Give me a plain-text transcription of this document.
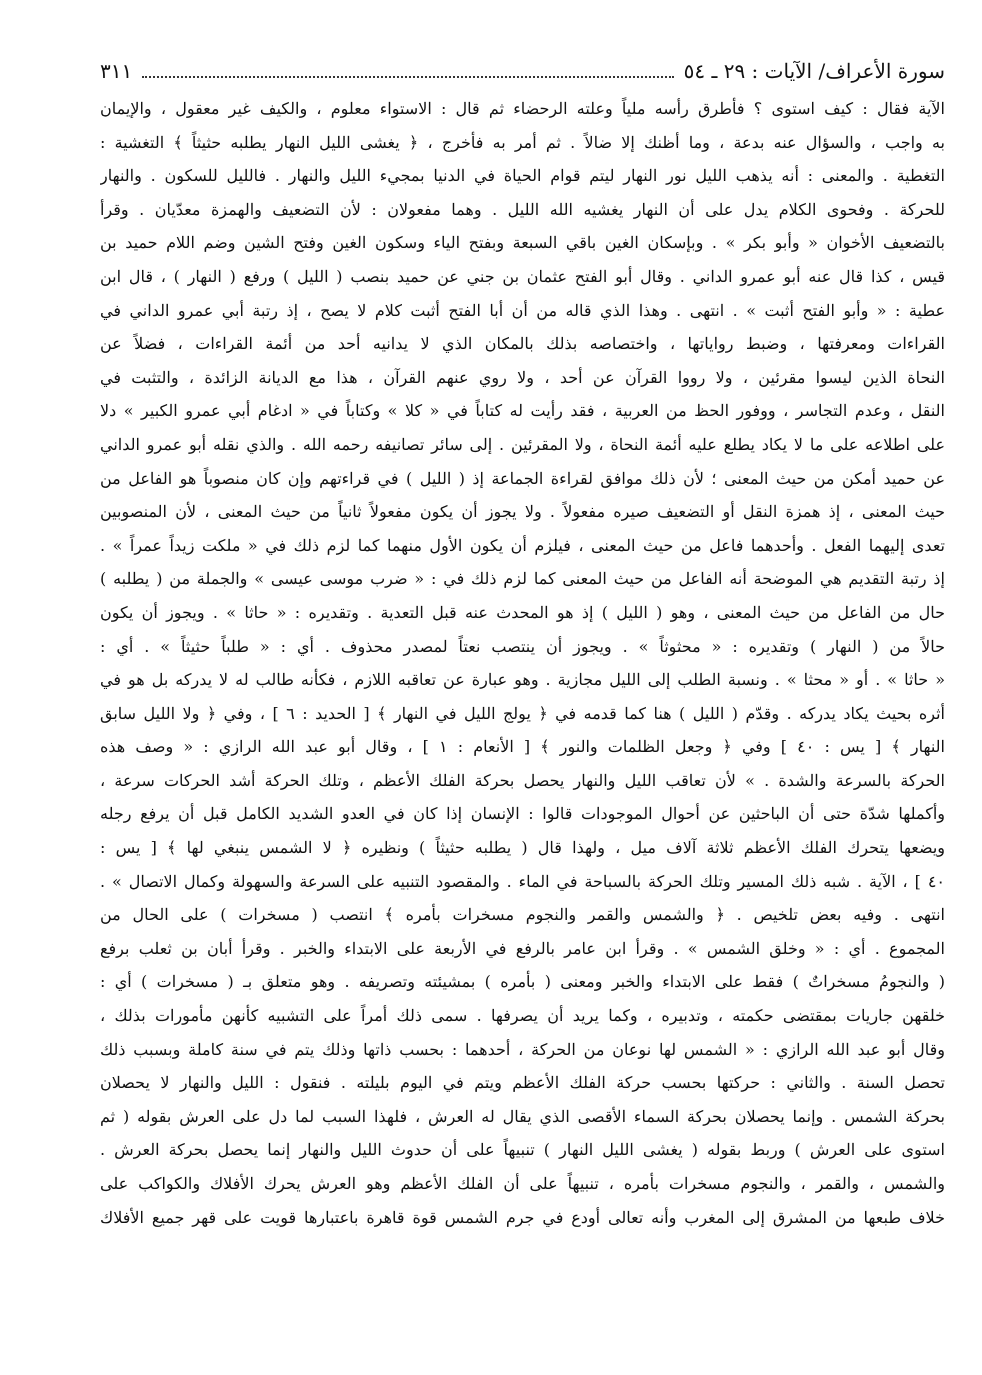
سورة الأعراف/ الآيات : ٢٩ ـ ٥٤
٣١١
الآية فقال : كيف استوى ؟ فأطرق رأسه ملياً وعلته الرحضاء ثم قال : الاستواء معلوم ، والكيف غير معقول ، والإيمان
به واجب ، والسؤال عنه بدعة ، وما أظنك إلا ضالاً . ثم أمر به فأخرج ، ﴿ يغشى الليل النهار يطلبه حثيثاً ﴾ التغشية :
التغطية . والمعنى : أنه يذهب الليل نور النهار ليتم قوام الحياة في الدنيا بمجيء الليل والنهار . فالليل للسكون . والنهار
للحركة . وفحوى الكلام يدل على أن النهار يغشيه الله الليل . وهما مفعولان : لأن التضعيف والهمزة معدّيان . وقرأ
بالتضعيف الأخوان « وأبو بكر » . وبإسكان الغين باقي السبعة وبفتح الياء وسكون الغين وفتح الشين وضم اللام حميد بن
قيس ، كذا قال عنه أبو عمرو الداني . وقال أبو الفتح عثمان بن جني عن حميد بنصب ( الليل ) ورفع ( النهار ) ، قال ابن
عطية : « وأبو الفتح أثبت » . انتهى . وهذا الذي قاله من أن أبا الفتح أثبت كلام لا يصح ، إذ رتبة أبي عمرو الداني في
القراءات ومعرفتها ، وضبط رواياتها ، واختصاصه بذلك بالمكان الذي لا يدانيه أحد من أئمة القراءات ، فضلاً عن
النحاة الذين ليسوا مقرئين ، ولا رووا القرآن عن أحد ، ولا روي عنهم القرآن ، هذا مع الديانة الزائدة ، والتثبت في
النقل ، وعدم التجاسر ، ووفور الحظ من العربية ، فقد رأيت له كتاباً في « كلا » وكتاباً في « ادغام أبي عمرو الكبير » دلا
على اطلاعه على ما لا يكاد يطلع عليه أئمة النحاة ، ولا المقرئين . إلى سائر تصانيفه رحمه الله . والذي نقله أبو عمرو الداني
عن حميد أمكن من حيث المعنى ؛ لأن ذلك موافق لقراءة الجماعة إذ ( الليل ) في قراءتهم وإن كان منصوباً هو الفاعل من
حيث المعنى ، إذ همزة النقل أو التضعيف صيره مفعولاً . ولا يجوز أن يكون مفعولاً ثانياً من حيث المعنى ، لأن المنصوبين
تعدى إليهما الفعل . وأحدهما فاعل من حيث المعنى ، فيلزم أن يكون الأول منهما كما لزم ذلك في « ملكت زيداً عمراً » .
إذ رتبة التقديم هي الموضحة أنه الفاعل من حيث المعنى كما لزم ذلك في : « ضرب موسى عيسى » والجملة من ( يطلبه )
حال من الفاعل من حيث المعنى ، وهو ( الليل ) إذ هو المحدث عنه قبل التعدية . وتقديره : « حاثا » . ويجوز أن يكون
حالاً من ( النهار ) وتقديره : « محثوثاً » . ويجوز أن ينتصب نعتاً لمصدر محذوف . أي : « طلباً حثيثاً » . أي :
« حاثا » . أو « محثا » . ونسبة الطلب إلى الليل مجازية . وهو عبارة عن تعاقبه اللازم ، فكأنه طالب له لا يدركه بل هو في
أثره بحيث يكاد يدركه . وقدّم ( الليل ) هنا كما قدمه في ﴿ يولج الليل في النهار ﴾ [ الحديد : ٦ ] ، وفي ﴿ ولا الليل سابق
النهار ﴾ [ يس : ٤٠ ] وفي ﴿ وجعل الظلمات والنور ﴾ [ الأنعام : ١ ] ، وقال أبو عبد الله الرازي : « وصف هذه
الحركة بالسرعة والشدة . » لأن تعاقب الليل والنهار يحصل بحركة الفلك الأعظم ، وتلك الحركة أشد الحركات سرعة ،
وأكملها شدّة حتى أن الباحثين عن أحوال الموجودات قالوا : الإنسان إذا كان في العدو الشديد الكامل قبل أن يرفع رجله
ويضعها يتحرك الفلك الأعظم ثلاثة آلاف ميل ، ولهذا قال ( يطلبه حثيثاً ) ونظيره ﴿ لا الشمس ينبغي لها ﴾ [ يس :
٤٠ ] ، الآية . شبه ذلك المسير وتلك الحركة بالسباحة في الماء . والمقصود التنبيه على السرعة والسهولة وكمال الاتصال » .
انتهى . وفيه بعض تلخيص . ﴿ والشمس والقمر والنجوم مسخرات بأمره ﴾ انتصب ( مسخرات ) على الحال من
المجموع . أي : « وخلق الشمس » . وقرأ ابن عامر بالرفع في الأربعة على الابتداء والخبر . وقرأ أبان بن ثعلب برفع
( والنجومُ مسخراتٌ ) فقط على الابتداء والخبر ومعنى ( بأمره ) بمشيئته وتصريفه . وهو متعلق بـ ( مسخرات ) أي :
خلقهن جاريات بمقتضى حكمته ، وتدبيره ، وكما يريد أن يصرفها . سمى ذلك أمراً على التشبيه كأنهن مأمورات بذلك ،
وقال أبو عبد الله الرازي : « الشمس لها نوعان من الحركة ، أحدهما : بحسب ذاتها وذلك يتم في سنة كاملة وبسبب ذلك
تحصل السنة . والثاني : حركتها بحسب حركة الفلك الأعظم ويتم في اليوم بليلته . فنقول : الليل والنهار لا يحصلان
بحركة الشمس . وإنما يحصلان بحركة السماء الأقصى الذي يقال له العرش ، فلهذا السبب لما دل على العرش بقوله ( ثم
استوى على العرش ) وربط بقوله ( يغشى الليل النهار ) تنبيهاً على أن حدوث الليل والنهار إنما يحصل بحركة العرش .
والشمس ، والقمر ، والنجوم مسخرات بأمره ، تنبيهاً على أن الفلك الأعظم وهو العرش يحرك الأفلاك والكواكب على
خلاف طبعها من المشرق إلى المغرب وأنه تعالى أودع في جرم الشمس قوة قاهرة باعتبارها قويت على قهر جميع الأفلاك
